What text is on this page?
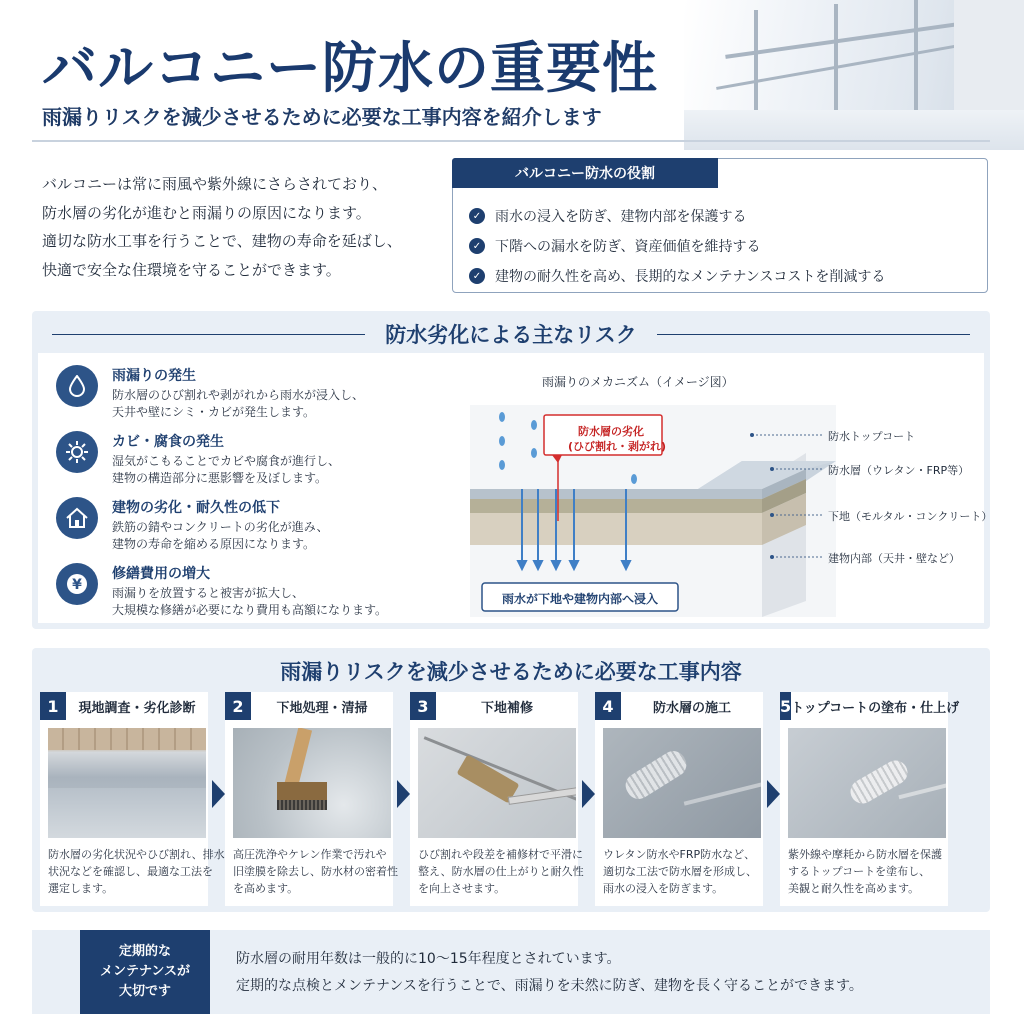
バルコニー防水の重要性
雨漏りリスクを減少させるために必要な工事内容を紹介します
バルコニーは常に雨風や紫外線にさらされており、
防水層の劣化が進むと雨漏りの原因になります。
適切な防水工事を行うことで、建物の寿命を延ばし、
快適で安全な住環境を守ることができます。
バルコニー防水の役割
✓ 雨水の浸入を防ぎ、建物内部を保護する
✓ 下階への漏水を防ぎ、資産価値を維持する
✓ 建物の耐久性を高め、長期的なメンテナンスコストを削減する
防水劣化による主なリスク
雨漏りの発生
防水層のひび割れや剥がれから雨水が浸入し、
天井や壁にシミ・カビが発生します。
カビ・腐食の発生
湿気がこもることでカビや腐食が進行し、
建物の構造部分に悪影響を及ぼします。
建物の劣化・耐久性の低下
鉄筋の錆やコンクリートの劣化が進み、
建物の寿命を縮める原因になります。
¥
修繕費用の増大
雨漏りを放置すると被害が拡大し、
大規模な修繕が必要になり費用も高額になります。
雨漏りのメカニズム（イメージ図）
防水層の劣化
(ひび割れ・剥がれ)
雨水が下地や建物内部へ浸入
防水トップコート
防水層（ウレタン・FRP等）
下地（モルタル・コンクリート）
建物内部（天井・壁など）
雨漏りリスクを減少させるために必要な工事内容
1	現地調査・劣化診断
防水層の劣化状況やひび割れ、排水
状況などを確認し、最適な工法を
選定します。
2	下地処理・清掃
高圧洗浄やケレン作業で汚れや
旧塗膜を除去し、防水材の密着性
を高めます。
3	下地補修
ひび割れや段差を補修材で平滑に
整え、防水層の仕上がりと耐久性
を向上させます。
4	防水層の施工
ウレタン防水やFRP防水など、
適切な工法で防水層を形成し、
雨水の浸入を防ぎます。
5 トップコートの塗布・仕上げ
紫外線や摩耗から防水層を保護
するトップコートを塗布し、
美観と耐久性を高めます。
定期的な
メンテナンスが
大切です
防水層の耐用年数は一般的に10〜15年程度とされています。
定期的な点検とメンテナンスを行うことで、雨漏りを未然に防ぎ、建物を長く守ることができます。
